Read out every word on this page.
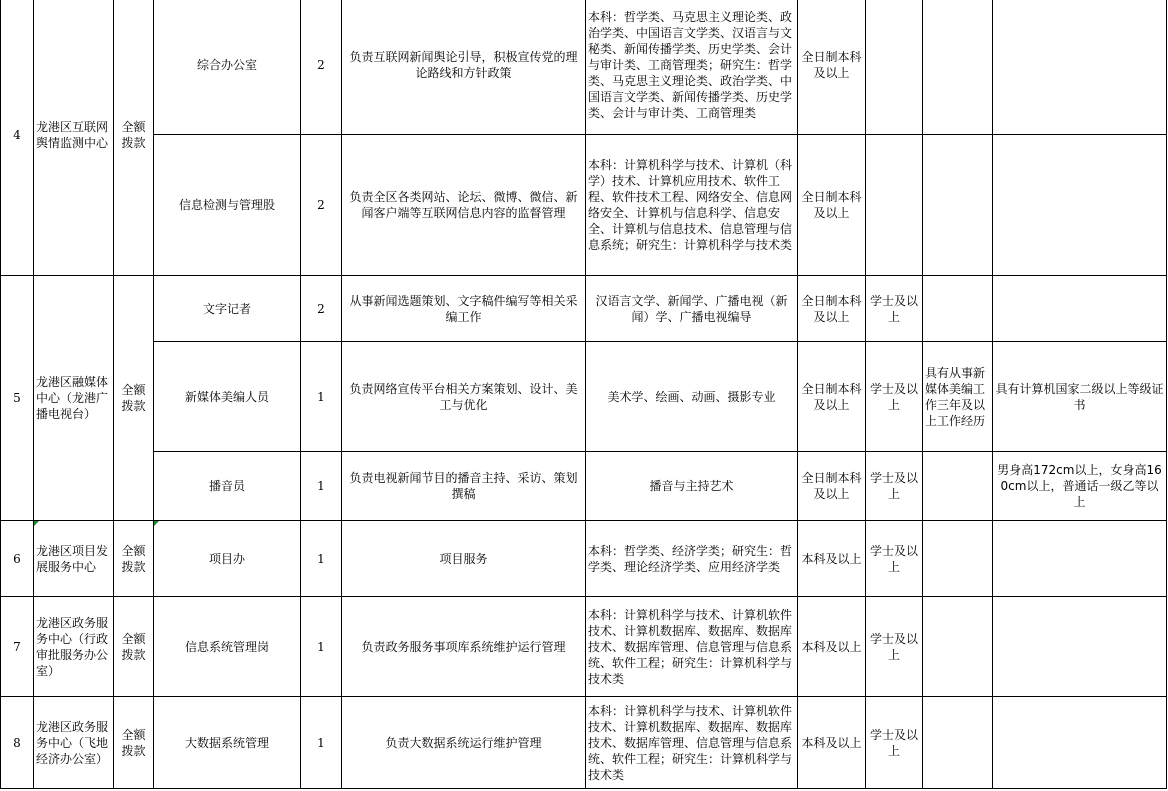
4	龙港区互联网舆情监测中心	全额拨款	综合办公室	2	负责互联网新闻舆论引导，积极宣传党的理论路线和方针政策	本科：哲学类、马克思主义理论类、政治学类、中国语言文学类、汉语言与文秘类、新闻传播学类、历史学类、会计与审计类、工商管理类；研究生：哲学类、马克思主义理论类、政治学类、中国语言文学类、新闻传播学类、历史学类、会计与审计类、工商管理类	全日制本科及以上			
			信息检测与管理股	2	负责全区各类网站、论坛、微博、微信、新闻客户端等互联网信息内容的监督管理	本科：计算机科学与技术、计算机（科学）技术、计算机应用技术、软件工程、软件技术工程、网络安全、信息网络安全、计算机与信息科学、信息安全、计算机与信息技术、信息管理与信息系统；研究生：计算机科学与技术类	全日制本科及以上			
5	龙港区融媒体中心（龙港广播电视台）	全额拨款	文字记者	2	从事新闻选题策划、文字稿件编写等相关采编工作	汉语言文学、新闻学、广播电视（新闻）学、广播电视编导	全日制本科及以上	学士及以上		
			新媒体美编人员	1	负责网络宣传平台相关方案策划、设计、美工与优化	美术学、绘画、动画、摄影专业	全日制本科及以上	学士及以上	具有从事新媒体美编工作三年及以上工作经历	具有计算机国家二级以上等级证书
			播音员	1	负责电视新闻节目的播音主持、采访、策划撰稿	播音与主持艺术	全日制本科及以上	学士及以上		男身高172cm以上，女身高160cm以上，普通话一级乙等以上
6	龙港区项目发展服务中心	全额拨款	项目办	1	项目服务	本科：哲学类、经济学类；研究生：哲学类、理论经济学类、应用经济学类	本科及以上	学士及以上		
7	龙港区政务服务中心（行政审批服务办公室）	全额拨款	信息系统管理岗	1	负责政务服务事项库系统维护运行管理	本科：计算机科学与技术、计算机软件技术、计算机数据库、数据库、数据库技术、数据库管理、信息管理与信息系统、软件工程；研究生：计算机科学与技术类	本科及以上	学士及以上		
8	龙港区政务服务中心（飞地经济办公室）	全额拨款	大数据系统管理	1	负责大数据系统运行维护管理	本科：计算机科学与技术、计算机软件技术、计算机数据库、数据库、数据库技术、数据库管理、信息管理与信息系统、软件工程；研究生：计算机科学与技术类	本科及以上	学士及以上		
